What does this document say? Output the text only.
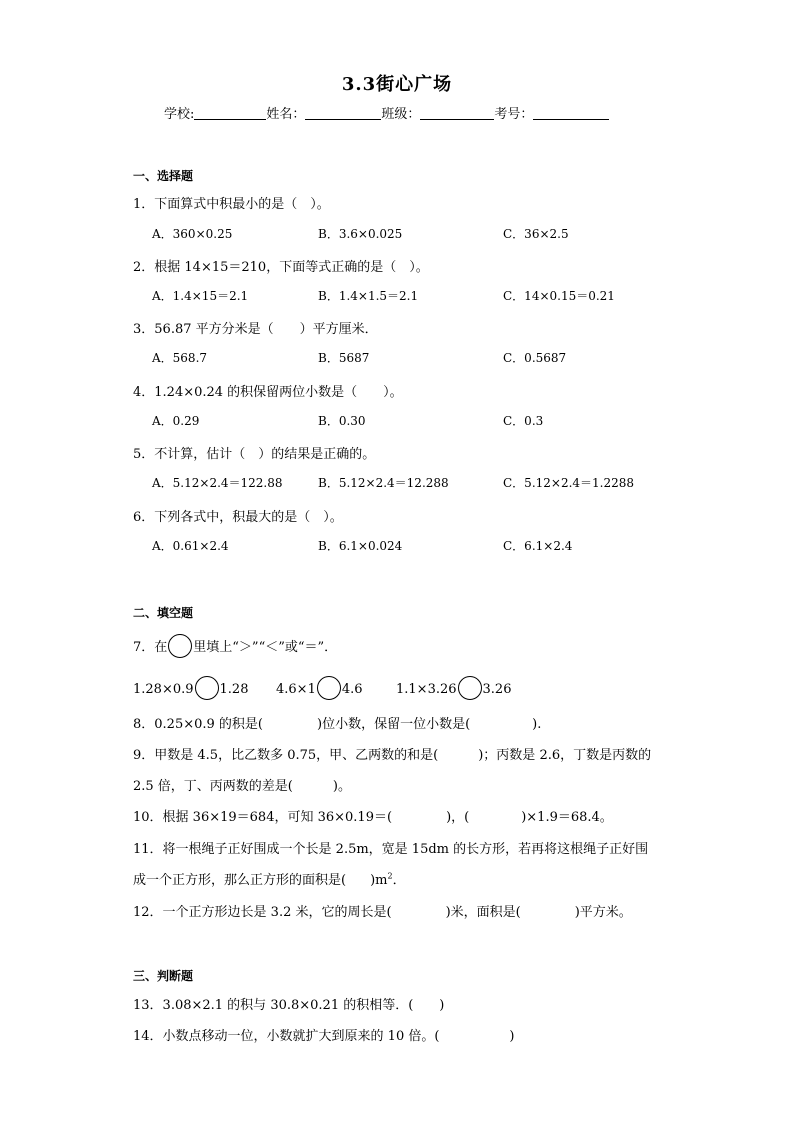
3.3街心广场
学校:	姓名：	班级：	考号：
一、选择题
1．下面算式中积最小的是（　）。
A．360×0.25	B．3.6×0.025	C．36×2.5
2．根据 14×15＝210，下面等式正确的是（　）。
A．1.4×15＝2.1	B．1.4×1.5＝2.1	C．14×0.15＝0.21
3．56.87 平方分米是（　　）平方厘米．
A．568.7	B．5687	C．0.5687
4．1.24×0.24 的积保留两位小数是（　　）。
A．0.29	B．0.30	C．0.3
5．不计算，估计（　）的结果是正确的。
A．5.12×2.4＝122.88	B．5.12×2.4＝12.288	C．5.12×2.4＝1.2288
6．下列各式中，积最大的是（　）。
A．0.61×2.4	B．6.1×0.024	C．6.1×2.4
二、填空题
7．在 里填上“＞”“＜”或“＝”．
1.28×0.9 1.28 4.6×1 4.6	1.1×3.26 3.26
8．0.25×0.9 的积是(	)位小数，保留一位小数是(	).
9．甲数是 4.5，比乙数多 0.75，甲、乙两数的和是(	)；丙数是 2.6，丁数是丙数的
2.5 倍，丁、丙两数的差是(	)。
10．根据 36×19＝684，可知 36×0.19＝(	)，(	)×1.9＝68.4。
11．将一根绳子正好围成一个长是 2.5m，宽是 15dm 的长方形，若再将这根绳子正好围
成一个正方形，那么正方形的面积是( )$m^2$．
12．一个正方形边长是 3.2 米，它的周长是(	)米，面积是(	)平方米。
三、判断题
13．3.08×2.1 的积与 30.8×0.21 的积相等．(　　)
14．小数点移动一位，小数就扩大到原来的 10 倍。(	)
